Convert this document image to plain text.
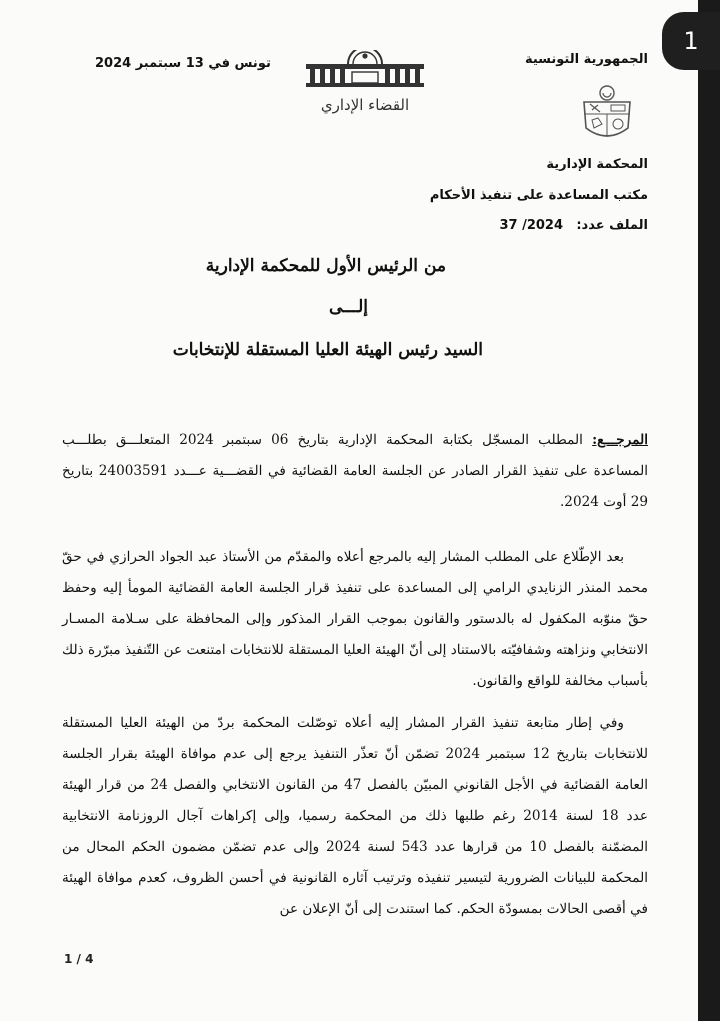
تونس في 13 سبتمبر 2024	الجمهورية التونسية
القضاء الإداري
المحكمة الإدارية
مكتب المساعدة على تنفيذ الأحكام
الملف عدد:
37 /2024
من الرئيس الأول للمحكمة الإدارية
إلـــى
السيد رئيس الهيئة العليا المستقلة للإنتخابات
المرجـــع: المطلب المسجّل بكتابة المحكمة الإدارية بتاريخ 06 سبتمبر 2024 المتعلـــق بطلـــب المساعدة على تنفيذ القرار الصادر عن الجلسة العامة القضائية في القضـــية عـــدد 24003591 بتاريخ 29 أوت 2024.
بعد الإطّلاع على المطلب المشار إليه بالمرجع أعلاه والمقدّم من الأستاذ عبد الجواد الحرازي في حقّ محمد المنذر الزنايدي الرامي إلى المساعدة على تنفيذ قرار الجلسة العامة القضائية المومأ إليه وحفظ حقّ منوّبه المكفول له بالدستور والقانون بموجب القرار المذكور وإلى المحافظة على سـلامة المسـار الانتخابي ونزاهته وشفافيّته بالاستناد إلى أنّ الهيئة العليا المستقلة للانتخابات امتنعت عن التّنفيذ مبرّرة ذلك بأسباب مخالفة للواقع والقانون.
وفي إطار متابعة تنفيذ القرار المشار إليه أعلاه توصّلت المحكمة بردّ من الهيئة العليا المستقلة للانتخابات بتاريخ 12 سبتمبر 2024 تضمّن أنّ تعذّر التنفيذ يرجع إلى عدم موافاة الهيئة بقرار الجلسة العامة القضائية في الأجل القانوني المبيّن بالفصل 47 من القانون الانتخابي والفصل 24 من قرار الهيئة عدد 18 لسنة 2014 رغم طلبها ذلك من المحكمة رسميا، وإلى إكراهات آجال الروزنامة الانتخابية المضمّنة بالفصل 10 من قرارها عدد 543 لسنة 2024 وإلى عدم تضمّن مضمون الحكم المحال من المحكمة للبيانات الضرورية لتيسير تنفيذه وترتيب آثاره القانونية في أحسن الظروف، كعدم موافاة الهيئة في أقصى الحالات بمسودّة الحكم. كما استندت إلى أنّ الإعلان عن
1 / 4
1
